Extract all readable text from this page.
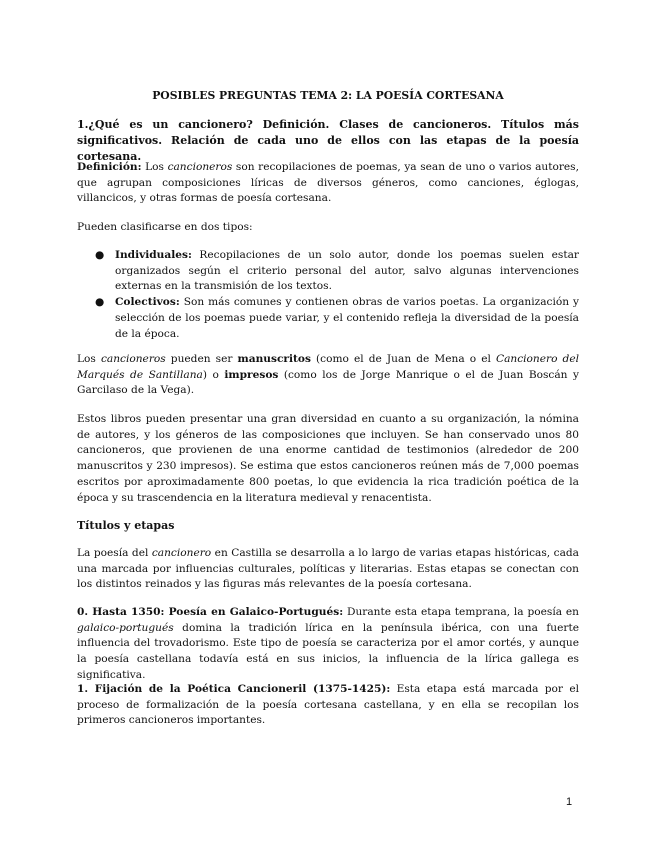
POSIBLES PREGUNTAS TEMA 2: LA POESÍA CORTESANA
1.¿Qué es un cancionero? Definición. Clases de cancioneros. Títulos más significativos. Relación de cada uno de ellos con las etapas de la poesía cortesana.
Definición: Los cancioneros son recopilaciones de poemas, ya sean de uno o varios autores, que agrupan composiciones líricas de diversos géneros, como canciones, églogas, villancicos, y otras formas de poesía cortesana.
Pueden clasificarse en dos tipos:
● Individuales: Recopilaciones de un solo autor, donde los poemas suelen estar organizados según el criterio personal del autor, salvo algunas intervenciones externas en la transmisión de los textos.
● Colectivos: Son más comunes y contienen obras de varios poetas. La organización y selección de los poemas puede variar, y el contenido refleja la diversidad de la poesía de la época.
Los cancioneros pueden ser manuscritos (como el de Juan de Mena o el Cancionero del Marqués de Santillana) o impresos (como los de Jorge Manrique o el de Juan Boscán y Garcilaso de la Vega).
Estos libros pueden presentar una gran diversidad en cuanto a su organización, la nómina de autores, y los géneros de las composiciones que incluyen. Se han conservado unos 80 cancioneros, que provienen de una enorme cantidad de testimonios (alrededor de 200 manuscritos y 230 impresos). Se estima que estos cancioneros reúnen más de 7,000 poemas escritos por aproximadamente 800 poetas, lo que evidencia la rica tradición poética de la época y su trascendencia en la literatura medieval y renacentista.
Títulos y etapas
La poesía del cancionero en Castilla se desarrolla a lo largo de varias etapas históricas, cada una marcada por influencias culturales, políticas y literarias. Estas etapas se conectan con los distintos reinados y las figuras más relevantes de la poesía cortesana.
0. Hasta 1350: Poesía en Galaico-Portugués: Durante esta etapa temprana, la poesía en galaico-portugués domina la tradición lírica en la península ibérica, con una fuerte influencia del trovadorismo. Este tipo de poesía se caracteriza por el amor cortés, y aunque la poesía castellana todavía está en sus inicios, la influencia de la lírica gallega es significativa.
1. Fijación de la Poética Cancioneril (1375-1425): Esta etapa está marcada por el proceso de formalización de la poesía cortesana castellana, y en ella se recopilan los primeros cancioneros importantes.
1
